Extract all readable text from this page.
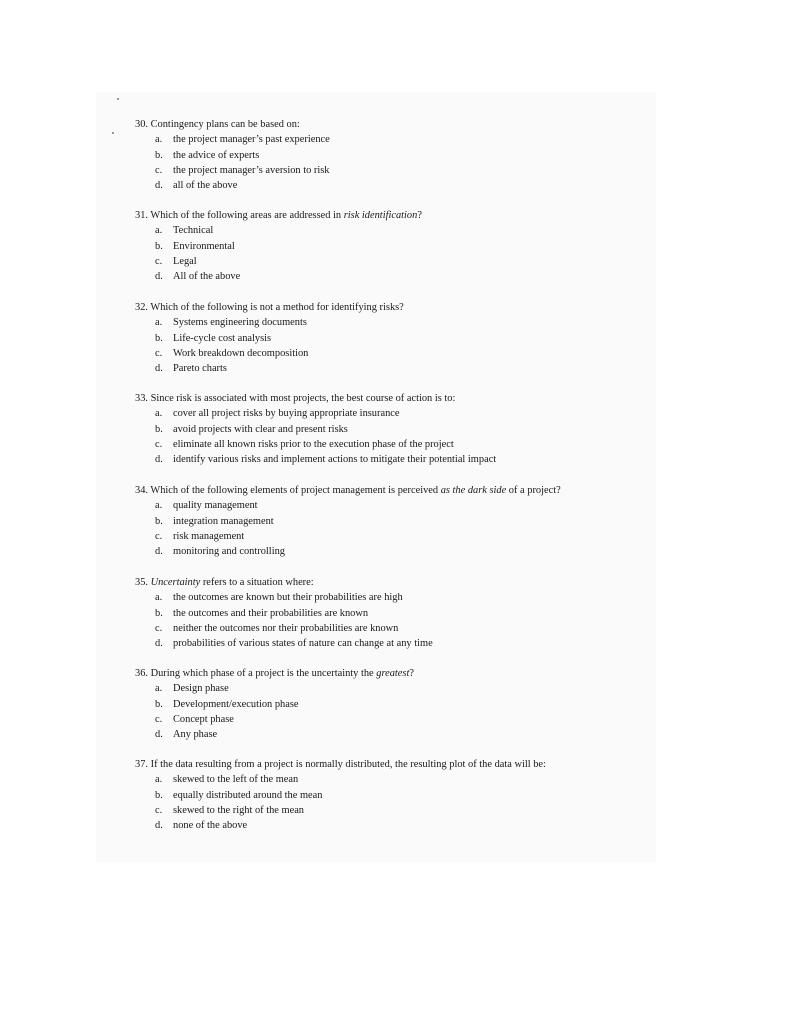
30. Contingency plans can be based on:
a. the project manager’s past experience
b. the advice of experts
c. the project manager’s aversion to risk
d. all of the above
31. Which of the following areas are addressed in risk identification?
a. Technical
b. Environmental
c. Legal
d. All of the above
32. Which of the following is not a method for identifying risks?
a. Systems engineering documents
b. Life-cycle cost analysis
c. Work breakdown decomposition
d. Pareto charts
33. Since risk is associated with most projects, the best course of action is to:
a. cover all project risks by buying appropriate insurance
b. avoid projects with clear and present risks
c. eliminate all known risks prior to the execution phase of the project
d. identify various risks and implement actions to mitigate their potential impact
34. Which of the following elements of project management is perceived as the dark side of a project?
a. quality management
b. integration management
c. risk management
d. monitoring and controlling
35. Uncertainty refers to a situation where:
a. the outcomes are known but their probabilities are high
b. the outcomes and their probabilities are known
c. neither the outcomes nor their probabilities are known
d. probabilities of various states of nature can change at any time
36. During which phase of a project is the uncertainty the greatest?
a. Design phase
b. Development/execution phase
c. Concept phase
d. Any phase
37. If the data resulting from a project is normally distributed, the resulting plot of the data will be:
a. skewed to the left of the mean
b. equally distributed around the mean
c. skewed to the right of the mean
d. none of the above
